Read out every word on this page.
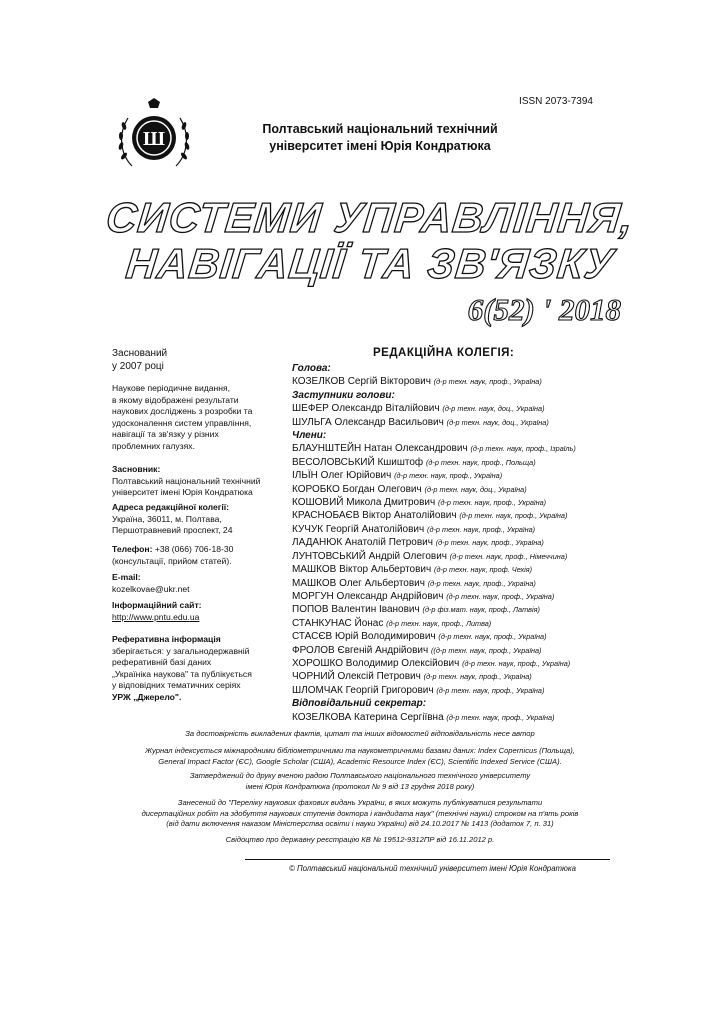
ISSN 2073-7394
Ш	Полтавський національний технічний
університет імені Юрія Кондратюка
СИСТЕМИ УПРАВЛІННЯ,
НАВІГАЦІЇ ТА ЗВ'ЯЗКУ
6(52) ' 2018
Заснований
у 2007 році
Наукове періодичне видання,
в якому відображені результати
наукових досліджень з розробки та
удосконалення систем управління,
навігації та зв'язку у різних
проблемних галузях.
Засновник:
Полтавський національний технічний
університет імені Юрія Кондратюка
Адреса редакційної колегії:
Україна, 36011, м. Полтава,
Першотравневий проспект, 24
Телефон: +38 (066) 706-18-30
(консультації, прийом статей).
E-mail:
kozelkovae@ukr.net
Інформаційний сайт:
http://www.pntu.edu.ua
Реферативна інформація
зберігається: у загальнодержавній
реферативній базі даних
„Україніка наукова" та публікується
у відповідних тематичних серіях
УРЖ „Джерело".
РЕДАКЦІЙНА КОЛЕГІЯ:
Голова:
КОЗЕЛКОВ Сергій Вікторович (д-р техн. наук, проф., Україна)
Заступники голови:
ШЕФЕР Олександр Віталійович (д-р техн. наук, доц., Україна)
ШУЛЬГА Олександр Васильович (д-р техн. наук, доц., Україна)
Члени:
БЛАУНШТЕЙН Натан Олександрович (д-р техн. наук, проф., Ізраїль)
ВЕСОЛОВСЬКИЙ Кшиштоф (д-р техн. наук, проф., Польща)
ІЛЬЇН Олег Юрійович (д-р техн. наук, проф., Україна)
КОРОБКО Богдан Олегович (д-р техн. наук, доц., Україна)
КОШОВИЙ Микола Дмитрович (д-р техн. наук, проф., Україна)
КРАСНОБАЄВ Віктор Анатолійович (д-р техн. наук, проф., Україна)
КУЧУК Георгій Анатолійович (д-р техн. наук, проф., Україна)
ЛАДАНЮК Анатолій Петрович (д-р техн. наук, проф., Україна)
ЛУНТОВСЬКИЙ Андрій Олегович (д-р техн. наук, проф., Німеччина)
МАШКОВ Віктор Альбертович (д-р техн. наук, проф. Чехія)
МАШКОВ Олег Альбертович (д-р техн. наук, проф., Україна)
МОРГУН Олександр Андрійович (д-р техн. наук, проф., Україна)
ПОПОВ Валентин Іванович (д-р фіз.мат. наук, проф., Латвія)
СТАНКУНАС Йонас (д-р техн. наук, проф., Литва)
СТАСЄВ Юрій Володимирович (д-р техн. наук, проф., Україна)
ФРОЛОВ Євгеній Андрійович ((д-р техн. наук, проф., Україна)
ХОРОШКО Володимир Олексійович (д-р техн. наук, проф., Україна)
ЧОРНИЙ Олексій Петрович (д-р техн. наук, проф., Україна)
ШЛОМЧАК Георгій Григорович (д-р техн. наук, проф., Україна)
Відповідальний секретар:
КОЗЕЛКОВА Катерина Сергіївна (д-р техн. наук, проф., Україна)
За достовірність викладених фактів, цитат та інших відомостей відповідальність несе автор
Журнал індексується міжнародними бібліометричними та наукометричними базами даних: Index Copernicus (Польща),
General Impact Factor (ЄС), Google Scholar (США), Academic Resource Index (ЄС), Scientific Indexed Service (США).
Затверджений до друку вченою радою Полтавського національного технічного університету
імені Юрія Кондратюка (протокол № 9 від 13 грудня 2018 року)
Занесений до "Переліку наукових фахових видань України, в яких можуть публікуватися результати
дисертаційних робіт на здобуття наукових ступенів доктора і кандидата наук" (технічні науки) строком на п'ять років
(від дати включення наказом Міністерства освіти і науки України) від 24.10.2017 № 1413 (додаток 7, п. 31)
Свідоцтво про державну реєстрацію КВ № 19512-9312ПР від 16.11.2012 р.
© Полтавський національний технічний університет імені Юрія Кондратюка
